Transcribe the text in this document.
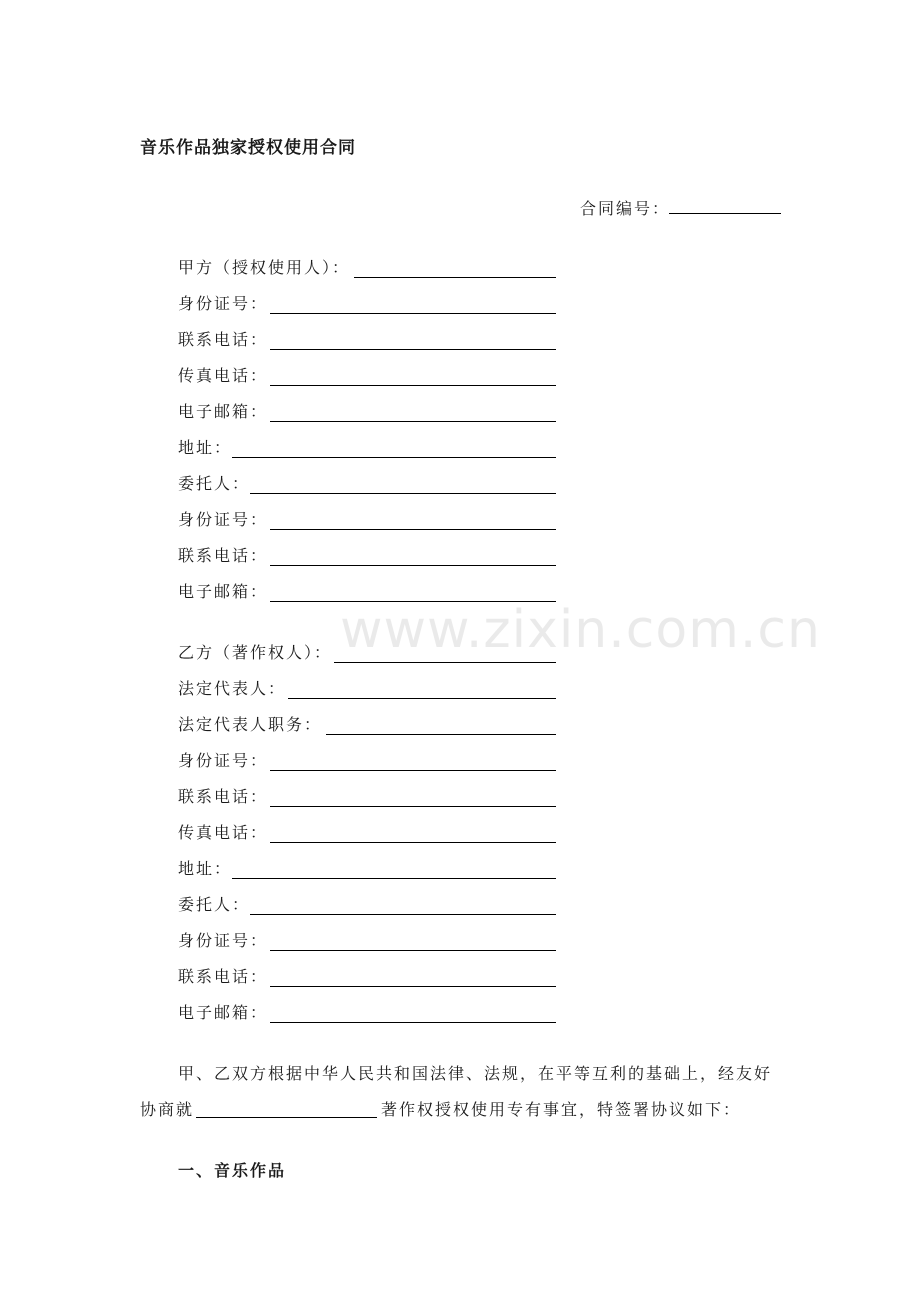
音乐作品独家授权使用合同
合同编号：
甲方（授权使用人）：
身份证号：
联系电话：
传真电话：
电子邮箱：
地址：
委托人：
身份证号：
联系电话：
电子邮箱：
乙方（著作权人）：
法定代表人：
法定代表人职务：
身份证号：
联系电话：
传真电话：
地址：
委托人：
身份证号：
联系电话：
电子邮箱：
甲、乙双方根据中华人民共和国法律、法规，在平等互利的基础上，经友好
协商就	著作权授权使用专有事宜，特签署协议如下：
一、音乐作品
www.zixin.com.cn
